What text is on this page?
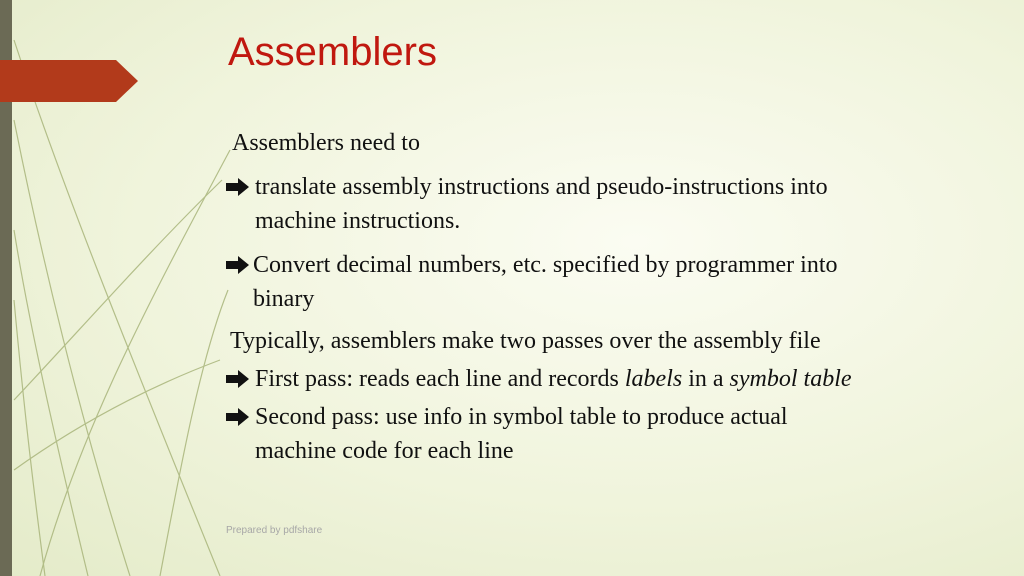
Assemblers

Assemblers need to

translate assembly instructions and pseudo-instructions into
machine instructions.
Convert decimal numbers, etc. specified by programmer into
binary

Typically, assemblers make two passes over the assembly file

First pass: reads each line and records labels in a symbol table
Second pass: use info in symbol table to produce actual
machine code for each line

Prepared by pdfshare
